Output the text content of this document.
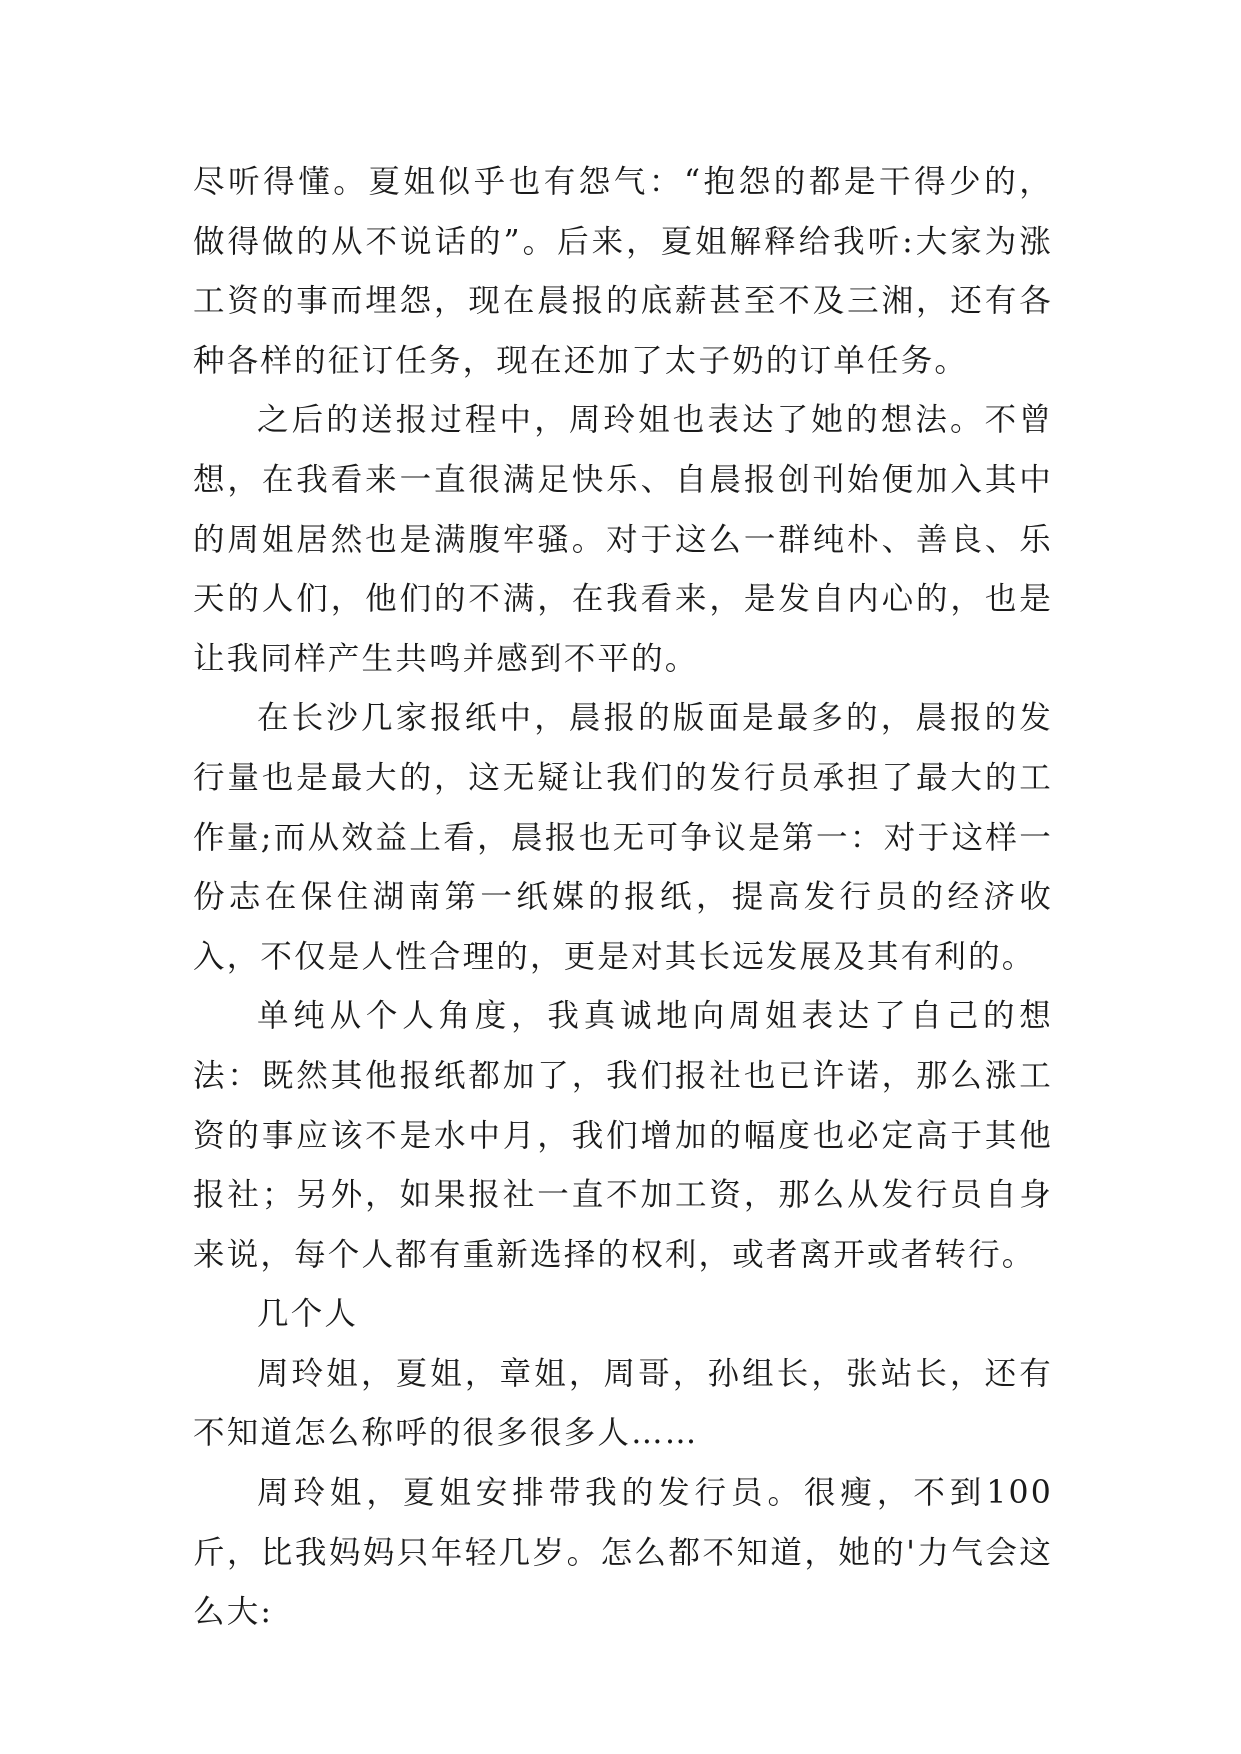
尽听得懂。夏姐似乎也有怨气：“抱怨的都是干得少的，做得做的从不说话的”。后来，夏姐解释给我听:大家为涨工资的事而埋怨，现在晨报的底薪甚至不及三湘，还有各种各样的征订任务，现在还加了太子奶的订单任务。

之后的送报过程中，周玲姐也表达了她的想法。不曾想，在我看来一直很满足快乐、自晨报创刊始便加入其中的周姐居然也是满腹牢骚。对于这么一群纯朴、善良、乐天的人们，他们的不满，在我看来，是发自内心的，也是让我同样产生共鸣并感到不平的。

在长沙几家报纸中，晨报的版面是最多的，晨报的发行量也是最大的，这无疑让我们的发行员承担了最大的工作量;而从效益上看，晨报也无可争议是第一：对于这样一份志在保住湖南第一纸媒的报纸，提高发行员的经济收入，不仅是人性合理的，更是对其长远发展及其有利的。

单纯从个人角度，我真诚地向周姐表达了自己的想法：既然其他报纸都加了，我们报社也已许诺，那么涨工资的事应该不是水中月，我们增加的幅度也必定高于其他报社；另外，如果报社一直不加工资，那么从发行员自身来说，每个人都有重新选择的权利，或者离开或者转行。

几个人

周玲姐，夏姐，章姐，周哥，孙组长，张站长，还有不知道怎么称呼的很多很多人……

周玲姐，夏姐安排带我的发行员。很瘦，不到100斤，比我妈妈只年轻几岁。怎么都不知道，她的'力气会这么大:
